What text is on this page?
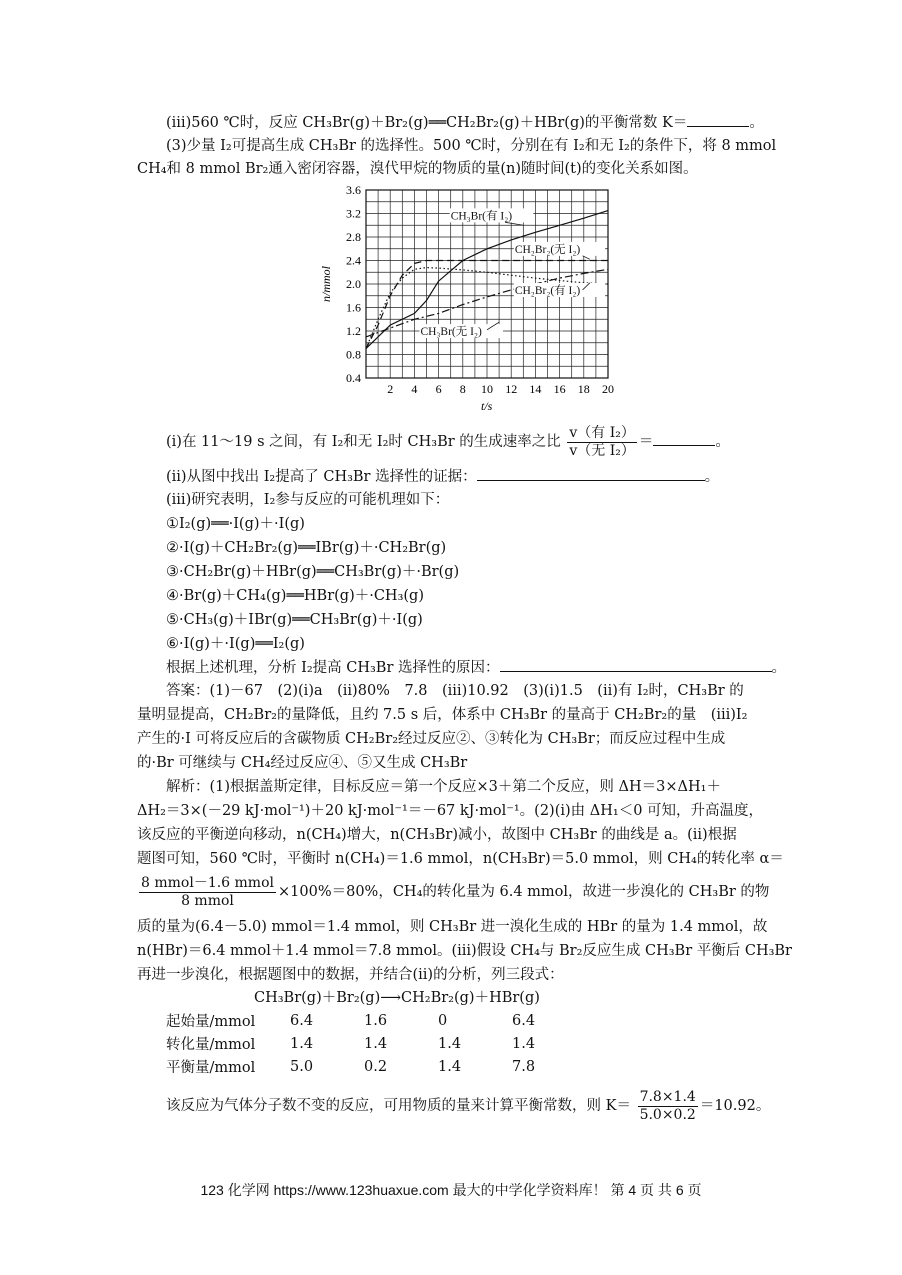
(ⅲ)560 ℃时，反应 CH₃Br(g)＋Br₂(g)══CH₂Br₂(g)＋HBr(g)的平衡常数 K＝	。
(3)少量 I₂可提高生成 CH₃Br 的选择性。500 ℃时，分别在有 I₂和无 I₂的条件下，将 8 mmol
CH₄和 8 mmol Br₂通入密闭容器，溴代甲烷的物质的量(n)随时间(t)的变化关系如图。
2 4 6 8 10 12 14 16 18 20
0.4
0.8
1.2
1.6
2.0
2.4
2.8
3.2
3.6
t/s
n/mmol
CH₃Br(有 I₂)
CH₂Br₂(无 I₂)
CH₂Br₂(有 I₂)
CH₃Br(无 I₂)
(ⅰ)在 11～19 s 之间，有 I₂和无 I₂时 CH₃Br 的生成速率之比 $\frac{\text{v（有 I₂）}}{\text{v（无 I₂）}}$ ＝	。
(ⅱ)从图中找出 I₂提高了 CH₃Br 选择性的证据：	。
(ⅲ)研究表明，I₂参与反应的可能机理如下：
①I₂(g)══·I(g)＋·I(g)
②·I(g)＋CH₂Br₂(g)══IBr(g)＋·CH₂Br(g)
③·CH₂Br(g)＋HBr(g)══CH₃Br(g)＋·Br(g)
④·Br(g)＋CH₄(g)══HBr(g)＋·CH₃(g)
⑤·CH₃(g)＋IBr(g)══CH₃Br(g)＋·I(g)
⑥·I(g)＋·I(g)══I₂(g)
根据上述机理，分析 I₂提高 CH₃Br 选择性的原因：	。
答案：(1)－67　(2)(ⅰ)a　(ⅱ)80%　7.8　(ⅲ)10.92　(3)(ⅰ)1.5　(ⅱ)有 I₂时，CH₃Br 的
量明显提高，CH₂Br₂的量降低，且约 7.5 s 后，体系中 CH₃Br 的量高于 CH₂Br₂的量　(ⅲ)I₂
产生的·I 可将反应后的含碳物质 CH₂Br₂经过反应②、③转化为 CH₃Br；而反应过程中生成
的·Br 可继续与 CH₄经过反应④、⑤又生成 CH₃Br
解析：(1)根据盖斯定律，目标反应＝第一个反应×3＋第二个反应，则 ΔH＝3×ΔH₁＋
ΔH₂＝3×(－29 kJ·mol⁻¹)＋20 kJ·mol⁻¹＝－67 kJ·mol⁻¹。(2)(ⅰ)由 ΔH₁＜0 可知，升高温度，
该反应的平衡逆向移动，n(CH₄)增大，n(CH₃Br)减小，故图中 CH₃Br 的曲线是 a。(ⅱ)根据
题图可知，560 ℃时，平衡时 n(CH₄)＝1.6 mmol，n(CH₃Br)＝5.0 mmol，则 CH₄的转化率 α＝
$\frac{\text{8 mmol－1.6 mmol}}{\text{8 mmol}} \times 100\%=80\%$，CH₄的转化量为 6.4 mmol，故进一步溴化的 CH₃Br 的物
质的量为(6.4－5.0) mmol＝1.4 mmol，则 CH₃Br 进一溴化生成的 HBr 的量为 1.4 mmol，故
n(HBr)＝6.4 mmol＋1.4 mmol＝7.8 mmol。(ⅲ)假设 CH₄与 Br₂反应生成 CH₃Br 平衡后 CH₃Br
再进一步溴化，根据题图中的数据，并结合(ⅱ)的分析，列三段式：
CH₃Br(g)＋Br₂(g)⟶CH₂Br₂(g)＋HBr(g)
起始量/mmol	6.4	1.6	0	6.4
转化量/mmol	1.4	1.4	1.4	1.4
平衡量/mmol	5.0	0.2	1.4	7.8
该反应为气体分子数不变的反应，可用物质的量来计算平衡常数，则 $K= \frac{7.8\times 1.4}{5.0\times 0.2} =10.92$。
123 化学网 https://www.123huaxue.com 最大的中学化学资料库！ 第 4 页 共 6 页
